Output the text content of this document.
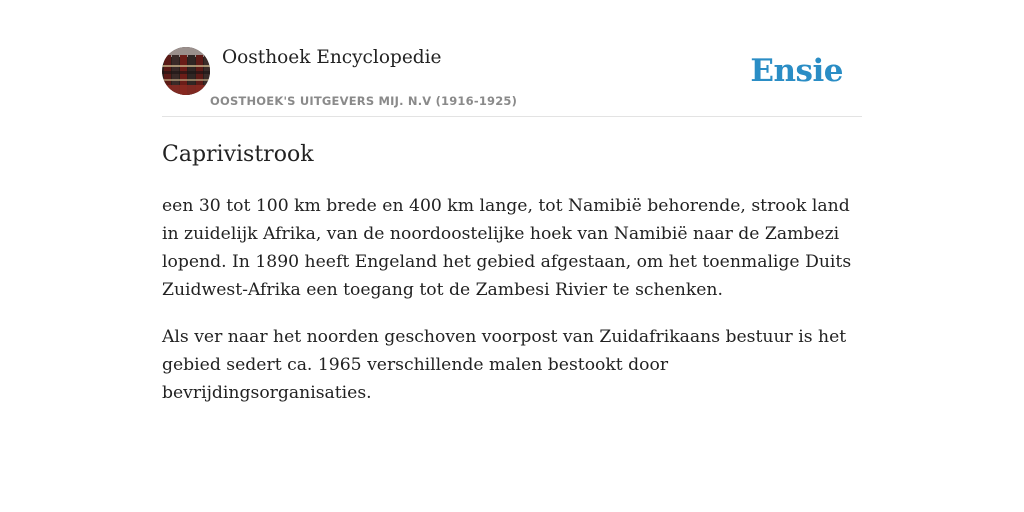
Oosthoek Encyclopedie
OOSTHOEK'S UITGEVERS MIJ. N.V (1916-1925)
Ensie
Caprivistrook

een 30 tot 100 km brede en 400 km lange, tot Namibië behorende, strook land in zuidelijk Afrika, van de noordoostelijke hoek van Namibië naar de Zambezi lopend. In 1890 heeft Engeland het gebied afgestaan, om het toenmalige Duits Zuidwest-Afrika een toegang tot de Zambesi Rivier te schenken.

Als ver naar het noorden geschoven voorpost van Zuidafrikaans bestuur is het gebied sedert ca. 1965 verschillende malen bestookt door bevrijdingsorganisaties.
